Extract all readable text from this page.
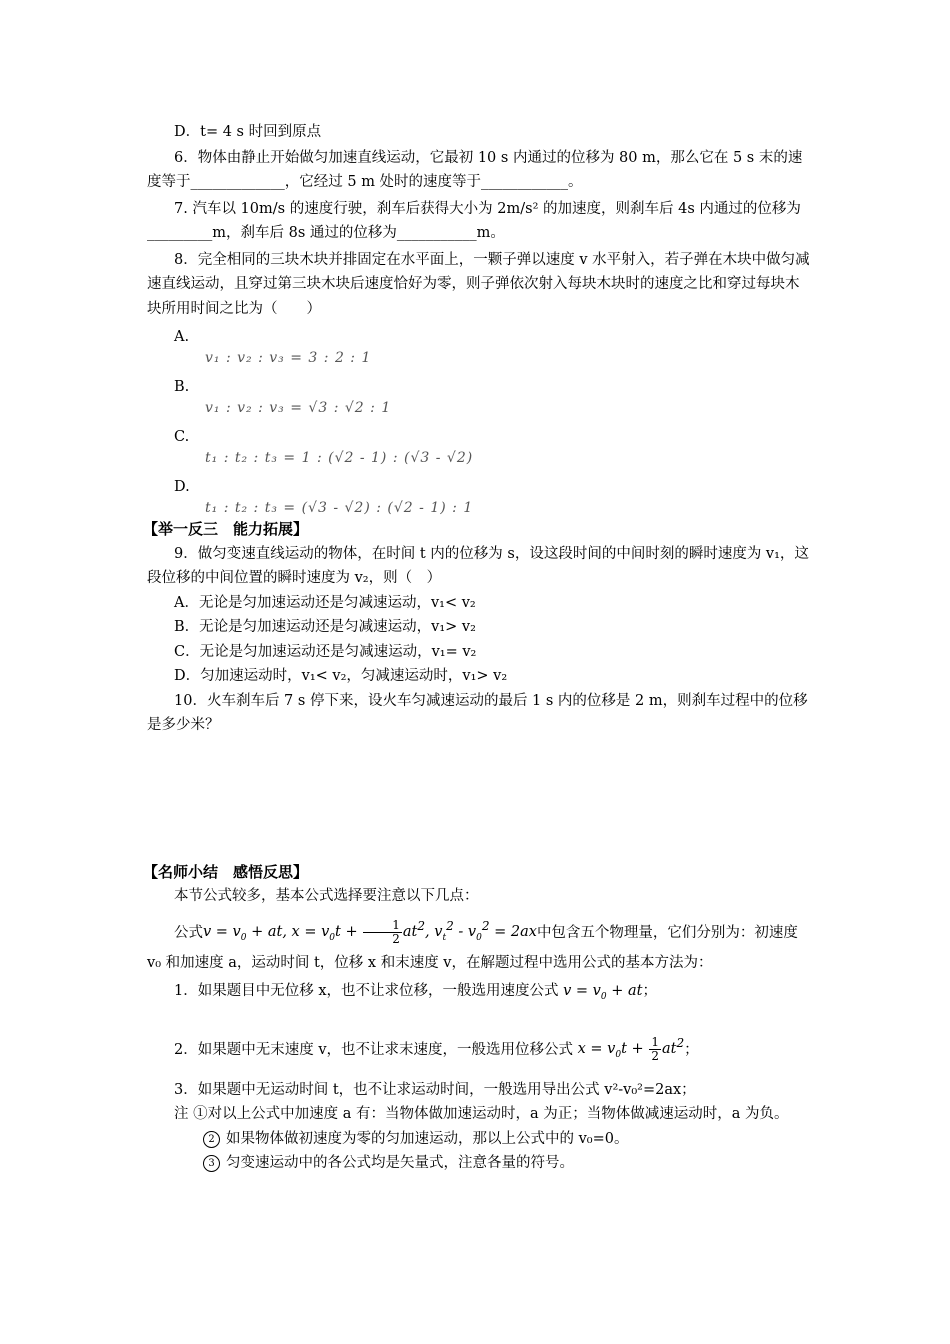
D．t= 4 s 时回到原点

6．物体由静止开始做匀加速直线运动，它最初 10 s 内通过的位移为 80 m，那么它在 5 s 末的速度等于_____________，它经过 5 m 处时的速度等于____________。

7. 汽车以 10m/s 的速度行驶，刹车后获得大小为 2m/s² 的加速度，则刹车后 4s 内通过的位移为_________m，刹车后 8s 通过的位移为___________m。

8．完全相同的三块木块并排固定在水平面上，一颗子弹以速度 v 水平射入，若子弹在木块中做匀减速直线运动，且穿过第三块木块后速度恰好为零，则子弹依次射入每块木块时的速度之比和穿过每块木块所用时间之比为（　　）

A.
v₁ : v₂ : v₃ = 3 : 2 : 1
B.
v₁ : v₂ : v₃ = √3 : √2 : 1
C.
t₁ : t₂ : t₃ = 1 : (√2 - 1) : (√3 - √2)
D.
t₁ : t₂ : t₃ = (√3 - √2) : (√2 - 1) : 1

【举一反三　能力拓展】

9．做匀变速直线运动的物体，在时间 t 内的位移为 s，设这段时间的中间时刻的瞬时速度为 v₁，这段位移的中间位置的瞬时速度为 v₂，则（　）

A．无论是匀加速运动还是匀减速运动，v₁< v₂

B．无论是匀加速运动还是匀减速运动，v₁> v₂

C．无论是匀加速运动还是匀减速运动，v₁= v₂

D．匀加速运动时，v₁< v₂，匀减速运动时，v₁> v₂

10．火车刹车后 7 s 停下来，设火车匀减速运动的最后 1 s 内的位移是 2 m，则刹车过程中的位移是多少米？

【名师小结　感悟反思】

本节公式较多，基本公式选择要注意以下几点：

公式$v = v_0$ + at, $x = v_0t + \frac{1}{2} at^2$, $v_t^2 - v_0^2 = 2ax$中包含五个物理量，它们分别为：初速度 v₀ 和加速度 a，运动时间 t，位移 x 和末速度 v，在解题过程中选用公式的基本方法为：

1．如果题目中无位移 x，也不让求位移，一般选用速度公式 $v = v_0$ + at；

2．如果题中无末速度 v，也不让求末速度，一般选用位移公式 $x = v_0t + \frac{1}{2} at^2$；

3．如果题中无运动时间 t，也不让求运动时间，一般选用导出公式 v²-v₀²=2ax；

注 ①对以上公式中加速度 a 有：当物体做加速运动时，a 为正；当物体做减速运动时，a 为负。

2 如果物体做初速度为零的匀加速运动，那以上公式中的 v₀=0。

3 匀变速运动中的各公式均是矢量式，注意各量的符号。
